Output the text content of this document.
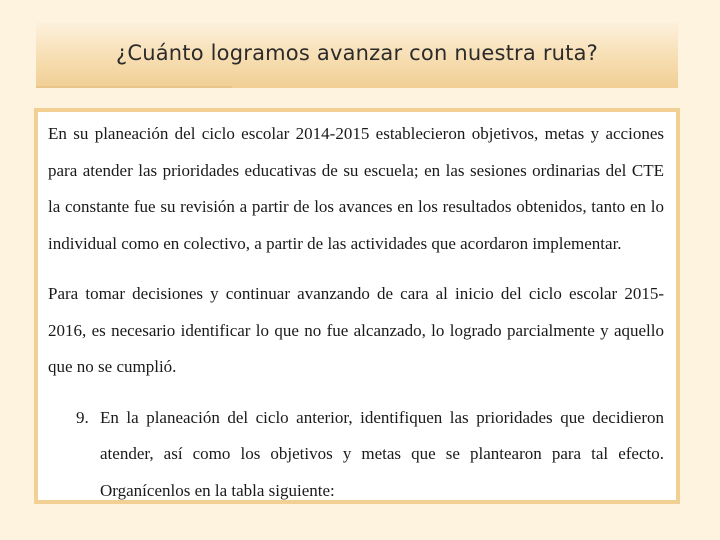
¿Cuánto logramos avanzar con nuestra ruta?

En su planeación del ciclo escolar 2014-2015 establecieron objetivos, metas y acciones para atender las prioridades educativas de su escuela; en las sesiones ordinarias del CTE la constante fue su revisión a partir de los avances en los resultados obtenidos, tanto en lo individual como en colectivo, a partir de las actividades que acordaron implementar.

Para tomar decisiones y continuar avanzando de cara al inicio del ciclo escolar 2015-2016, es necesario identificar lo que no fue alcanzado, lo logrado parcialmente y aquello que no se cumplió.

9. En la planeación del ciclo anterior, identifiquen las prioridades que decidieron atender, así como los objetivos y metas que se plantearon para tal efecto. Organícenlos en la tabla siguiente:
